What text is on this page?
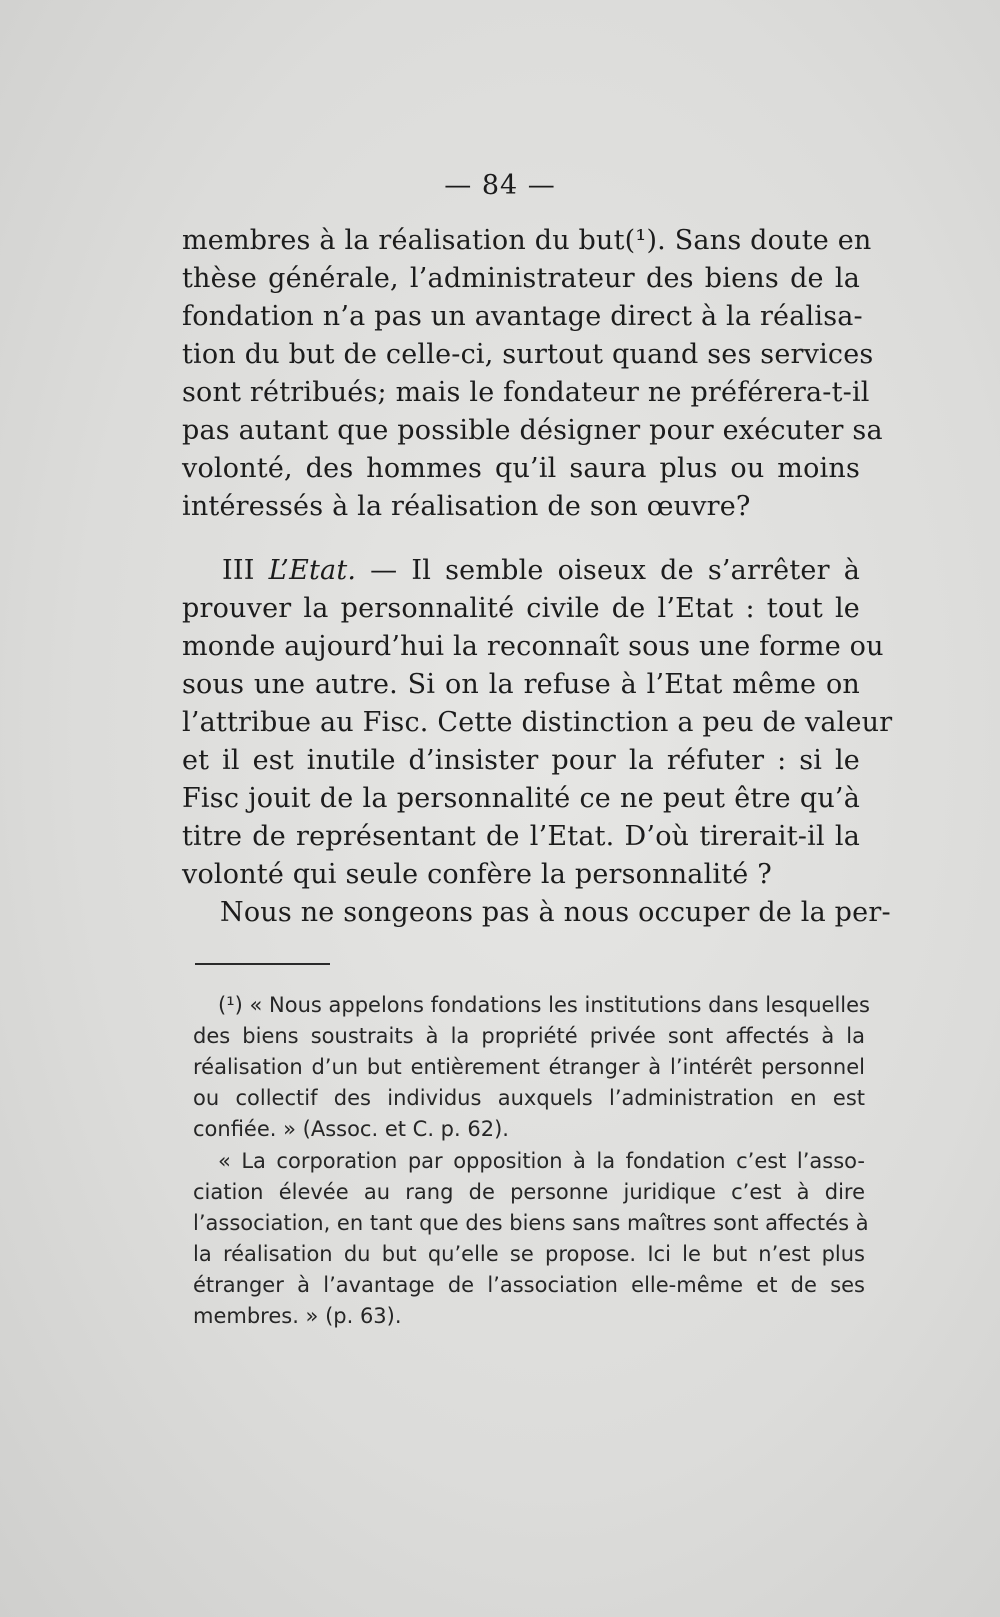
— 84 —
membres à la réalisation du but(¹). Sans doute en
thèse générale, l’administrateur des biens de la
fondation n’a pas un avantage direct à la réalisa-
tion du but de celle-ci, surtout quand ses services
sont rétribués; mais le fondateur ne préférera-t-il
pas autant que possible désigner pour exécuter sa
volonté, des hommes qu’il saura plus ou moins
intéressés à la réalisation de son œuvre?
III L’Etat. — Il semble oiseux de s’arrêter à
prouver la personnalité civile de l’Etat : tout le
monde aujourd’hui la reconnaît sous une forme ou
sous une autre. Si on la refuse à l’Etat même on
l’attribue au Fisc. Cette distinction a peu de valeur
et il est inutile d’insister pour la réfuter : si le
Fisc jouit de la personnalité ce ne peut être qu’à
titre de représentant de l’Etat. D’où tirerait-il la
volonté qui seule confère la personnalité ?
Nous ne songeons pas à nous occuper de la per-
(¹) « Nous appelons fondations les institutions dans lesquelles
des biens soustraits à la propriété privée sont affectés à la
réalisation d’un but entièrement étranger à l’intérêt personnel
ou collectif des individus auxquels l’administration en est
confiée. » (Assoc. et C. p. 62).
« La corporation par opposition à la fondation c’est l’asso-
ciation élevée au rang de personne juridique c’est à dire
l’association, en tant que des biens sans maîtres sont affectés à
la réalisation du but qu’elle se propose. Ici le but n’est plus
étranger à l’avantage de l’association elle-même et de ses
membres. » (p. 63).
